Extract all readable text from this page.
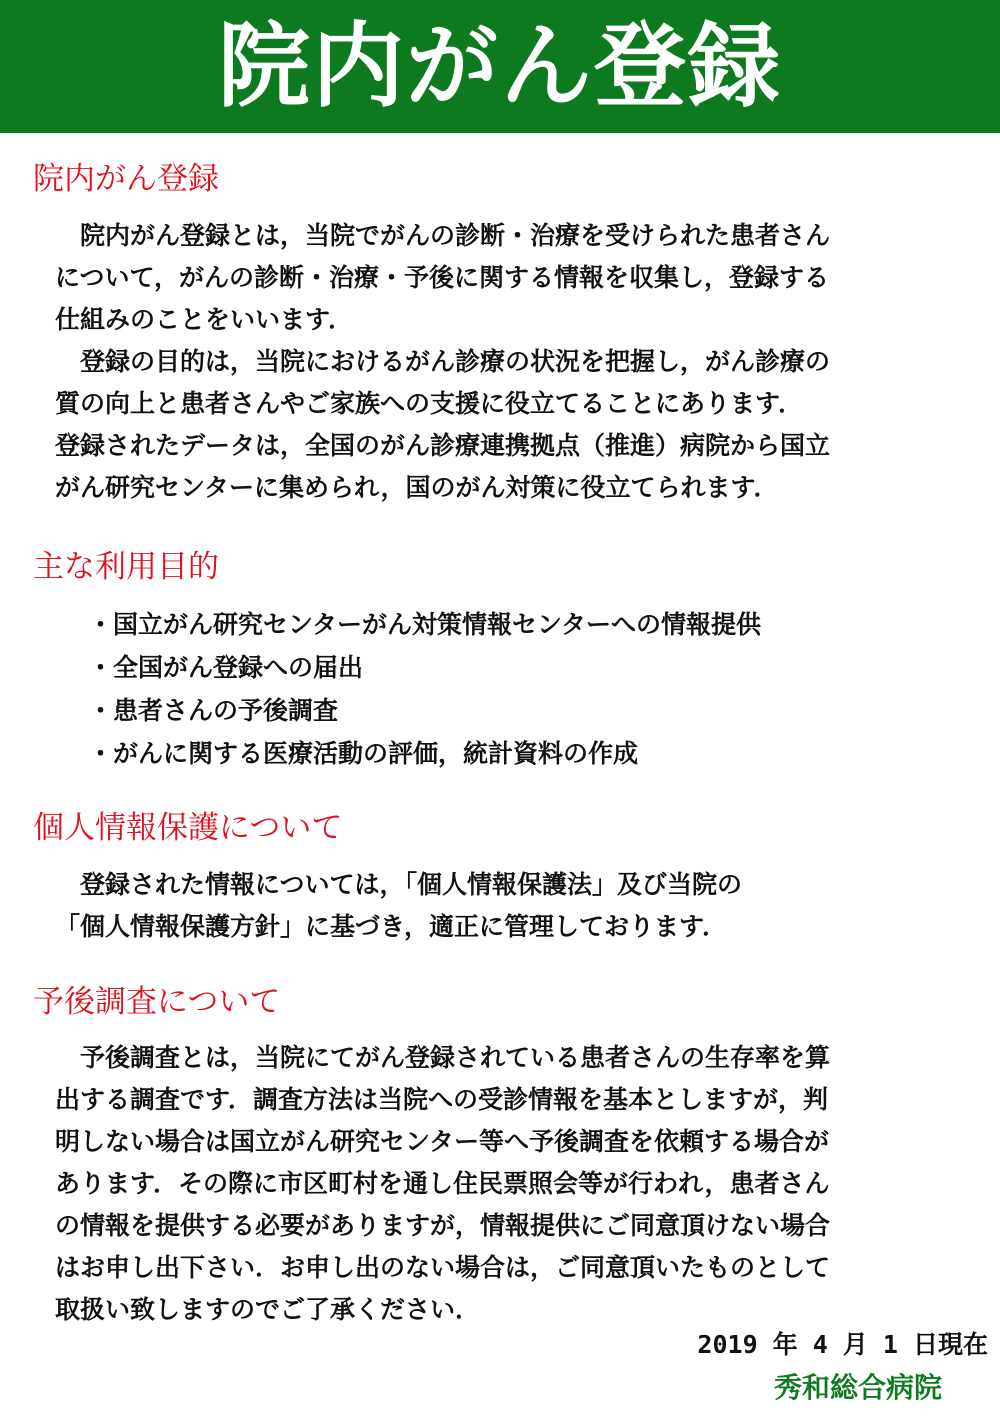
院内がん登録
院内がん登録

　院内がん登録とは，当院でがんの診断・治療を受けられた患者さん
について，がんの診断・治療・予後に関する情報を収集し，登録する
仕組みのことをいいます．
　登録の目的は，当院におけるがん診療の状況を把握し，がん診療の
質の向上と患者さんやご家族への支援に役立てることにあります．
登録されたデータは，全国のがん診療連携拠点（推進）病院から国立
がん研究センターに集められ，国のがん対策に役立てられます．

主な利用目的
・国立がん研究センターがん対策情報センターへの情報提供
・全国がん登録への届出
・患者さんの予後調査
・がんに関する医療活動の評価，統計資料の作成
個人情報保護について

　登録された情報については，「個人情報保護法」及び当院の
「個人情報保護方針」に基づき，適正に管理しております．

予後調査について

　予後調査とは，当院にてがん登録されている患者さんの生存率を算
出する調査です．調査方法は当院への受診情報を基本としますが，判
明しない場合は国立がん研究センター等へ予後調査を依頼する場合が
あります．その際に市区町村を通し住民票照会等が行われ，患者さん
の情報を提供する必要がありますが，情報提供にご同意頂けない場合
はお申し出下さい．お申し出のない場合は，ご同意頂いたものとして
取扱い致しますのでご了承ください．

2019 年 4 月 1 日現在
秀和総合病院
